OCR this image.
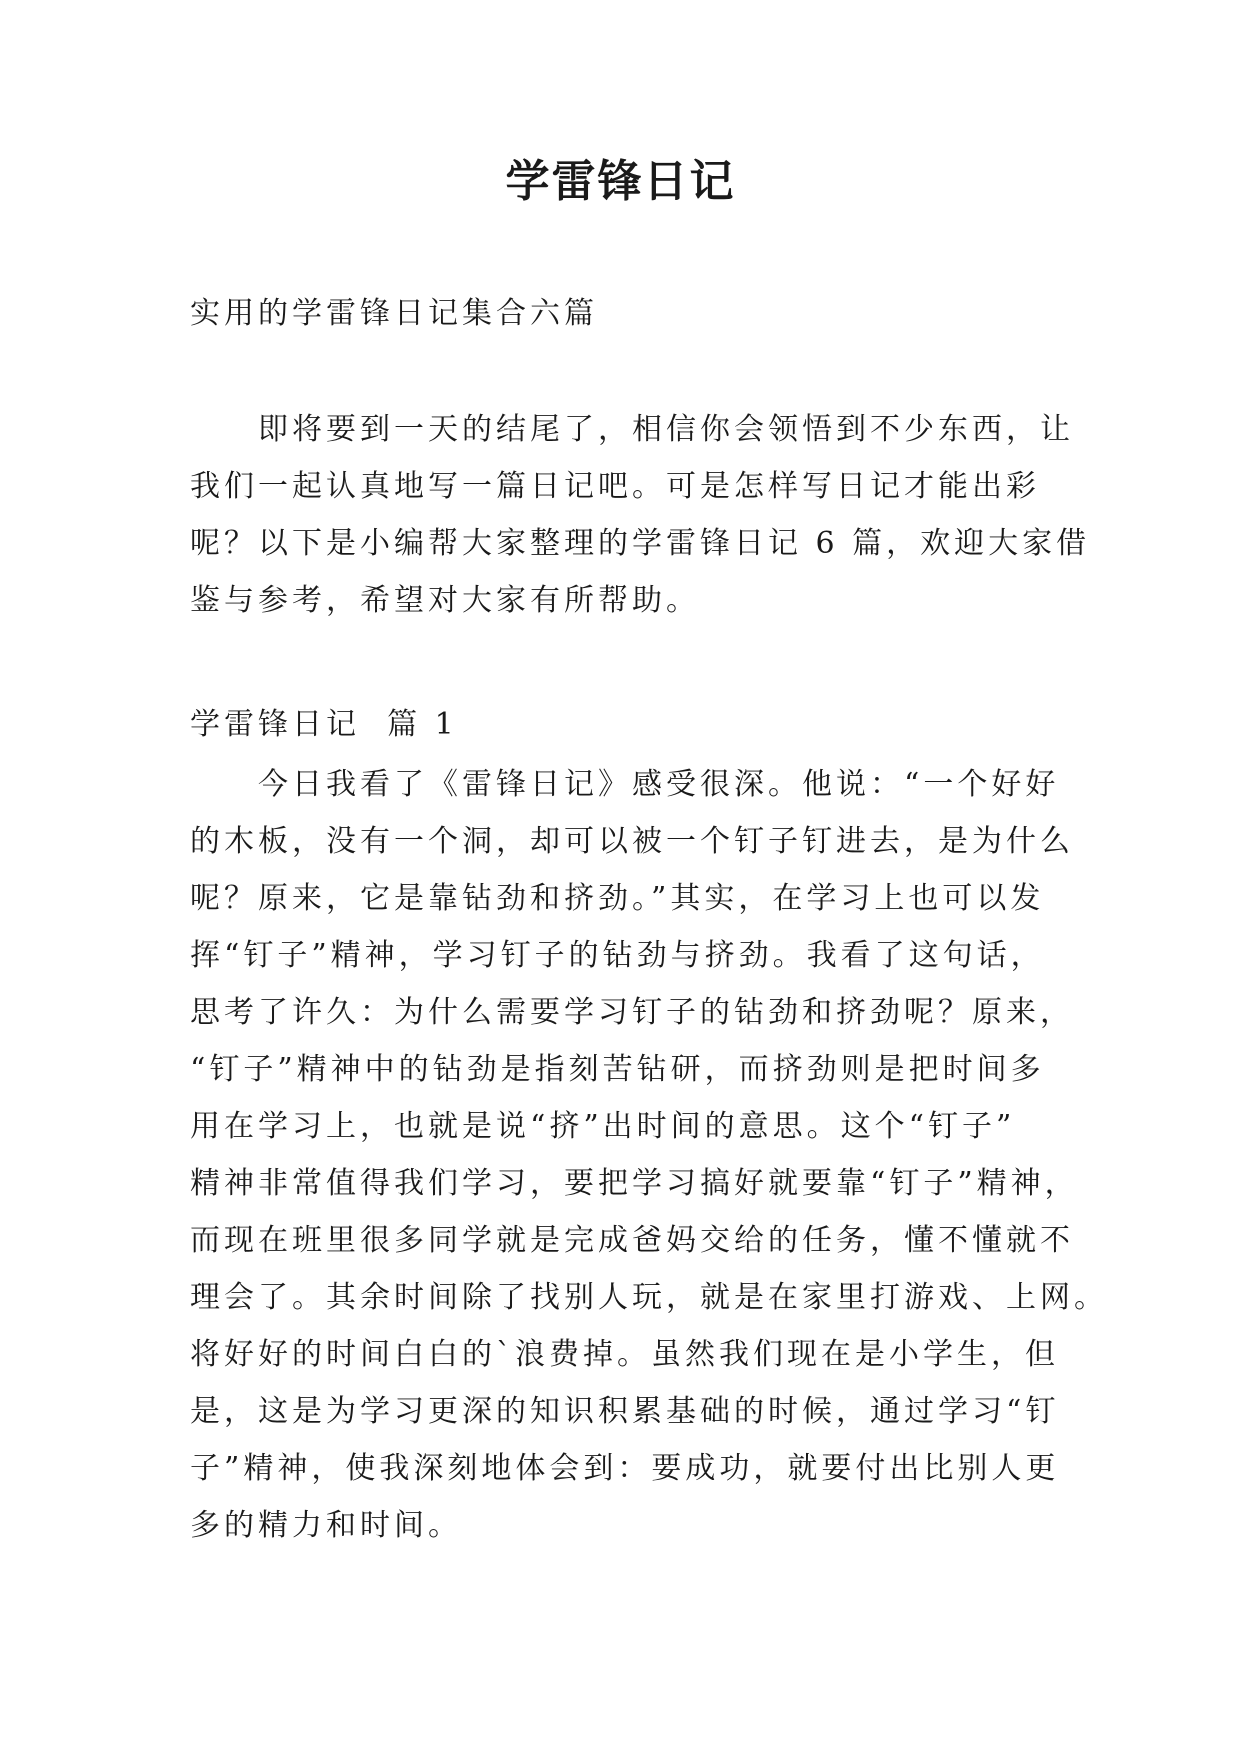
学雷锋日记
实用的学雷锋日记集合六篇
即将要到一天的结尾了，相信你会领悟到不少东西，让
我们一起认真地写一篇日记吧。可是怎样写日记才能出彩
呢？以下是小编帮大家整理的学雷锋日记 6 篇，欢迎大家借
鉴与参考，希望对大家有所帮助。
学雷锋日记  篇 1
今日我看了《雷锋日记》感受很深。他说：“一个好好
的木板，没有一个洞，却可以被一个钉子钉进去，是为什么
呢？原来，它是靠钻劲和挤劲。”其实，在学习上也可以发
挥“钉子”精神，学习钉子的钻劲与挤劲。我看了这句话，
思考了许久：为什么需要学习钉子的钻劲和挤劲呢？原来，
“钉子”精神中的钻劲是指刻苦钻研，而挤劲则是把时间多
用在学习上，也就是说“挤”出时间的意思。这个“钉子”
精神非常值得我们学习，要把学习搞好就要靠“钉子”精神，
而现在班里很多同学就是完成爸妈交给的任务，懂不懂就不
理会了。其余时间除了找别人玩，就是在家里打游戏、上网。
将好好的时间白白的`浪费掉。虽然我们现在是小学生，但
是，这是为学习更深的知识积累基础的时候，通过学习“钉
子”精神，使我深刻地体会到：要成功，就要付出比别人更
多的精力和时间。
